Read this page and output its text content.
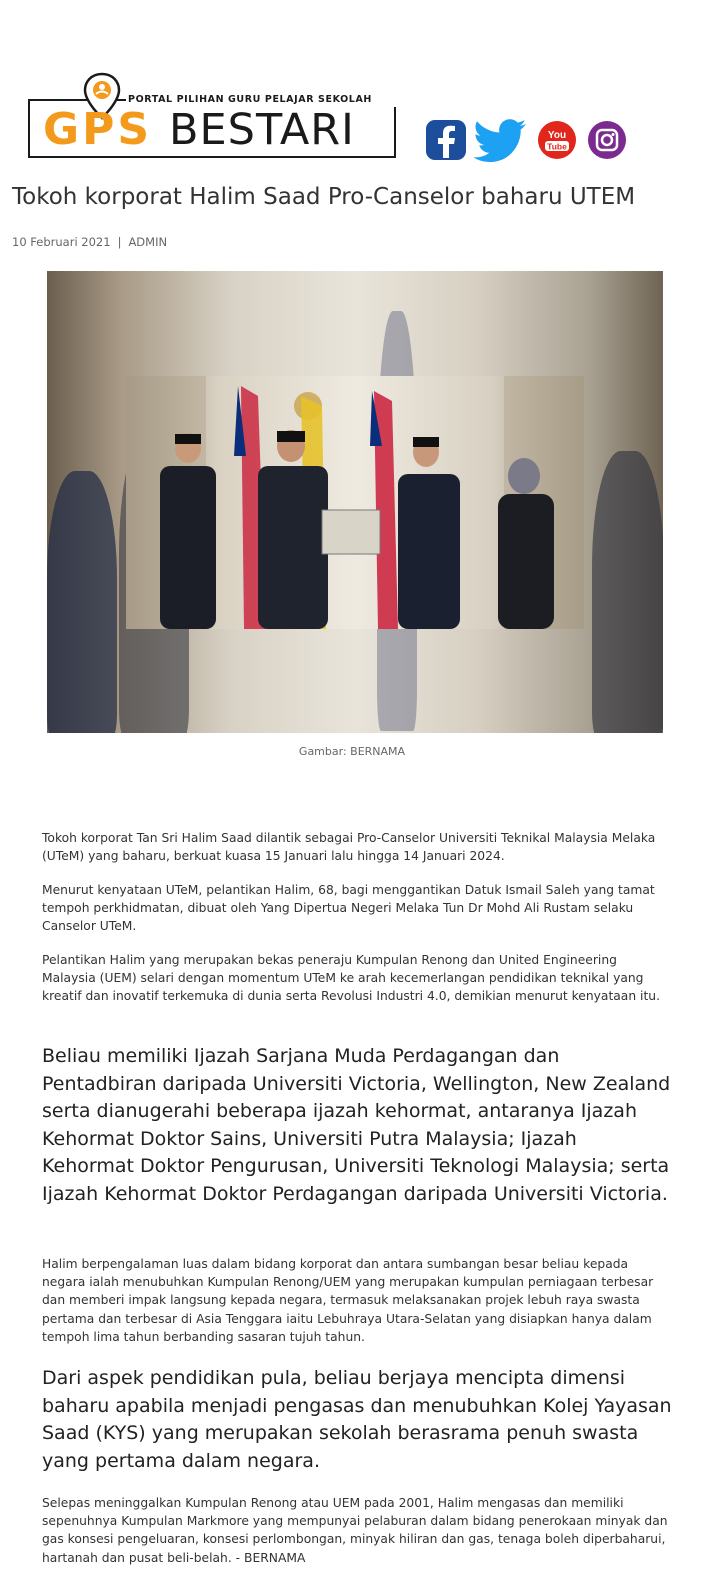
PORTAL PILIHAN GURU PELAJAR SEKOLAH
GPS BESTARI	You
Tube
Tokoh korporat Halim Saad Pro-Canselor baharu UTEM
10 Februari 2021 | ADMIN
Gambar: BERNAMA

Tokoh korporat Tan Sri Halim Saad dilantik sebagai Pro-Canselor Universiti Teknikal Malaysia Melaka (UTeM) yang baharu, berkuat kuasa 15 Januari lalu hingga 14 Januari 2024.

Menurut kenyataan UTeM, pelantikan Halim, 68, bagi menggantikan Datuk Ismail Saleh yang tamat tempoh perkhidmatan, dibuat oleh Yang Dipertua Negeri Melaka Tun Dr Mohd Ali Rustam selaku Canselor UTeM.

Pelantikan Halim yang merupakan bekas peneraju Kumpulan Renong dan United Engineering Malaysia (UEM) selari dengan momentum UTeM ke arah kecemerlangan pendidikan teknikal yang kreatif dan inovatif terkemuka di dunia serta Revolusi Industri 4.0, demikian menurut kenyataan itu.

Beliau memiliki Ijazah Sarjana Muda Perdagangan dan Pentadbiran daripada Universiti Victoria, Wellington, New Zealand serta dianugerahi beberapa ijazah kehormat, antaranya Ijazah Kehormat Doktor Sains, Universiti Putra Malaysia; Ijazah Kehormat Doktor Pengurusan, Universiti Teknologi Malaysia; serta Ijazah Kehormat Doktor Perdagangan daripada Universiti Victoria.

Halim berpengalaman luas dalam bidang korporat dan antara sumbangan besar beliau kepada negara ialah menubuhkan Kumpulan Renong/UEM yang merupakan kumpulan perniagaan terbesar dan memberi impak langsung kepada negara, termasuk melaksanakan projek lebuh raya swasta pertama dan terbesar di Asia Tenggara iaitu Lebuhraya Utara-Selatan yang disiapkan hanya dalam tempoh lima tahun berbanding sasaran tujuh tahun.

Dari aspek pendidikan pula, beliau berjaya mencipta dimensi baharu apabila menjadi pengasas dan menubuhkan Kolej Yayasan Saad (KYS) yang merupakan sekolah berasrama penuh swasta yang pertama dalam negara.

Selepas meninggalkan Kumpulan Renong atau UEM pada 2001, Halim mengasas dan memiliki sepenuhnya Kumpulan Markmore yang mempunyai pelaburan dalam bidang penerokaan minyak dan gas konsesi pengeluaran, konsesi perlombongan, minyak hiliran dan gas, tenaga boleh diperbaharui, hartanah dan pusat beli-belah. - BERNAMA
